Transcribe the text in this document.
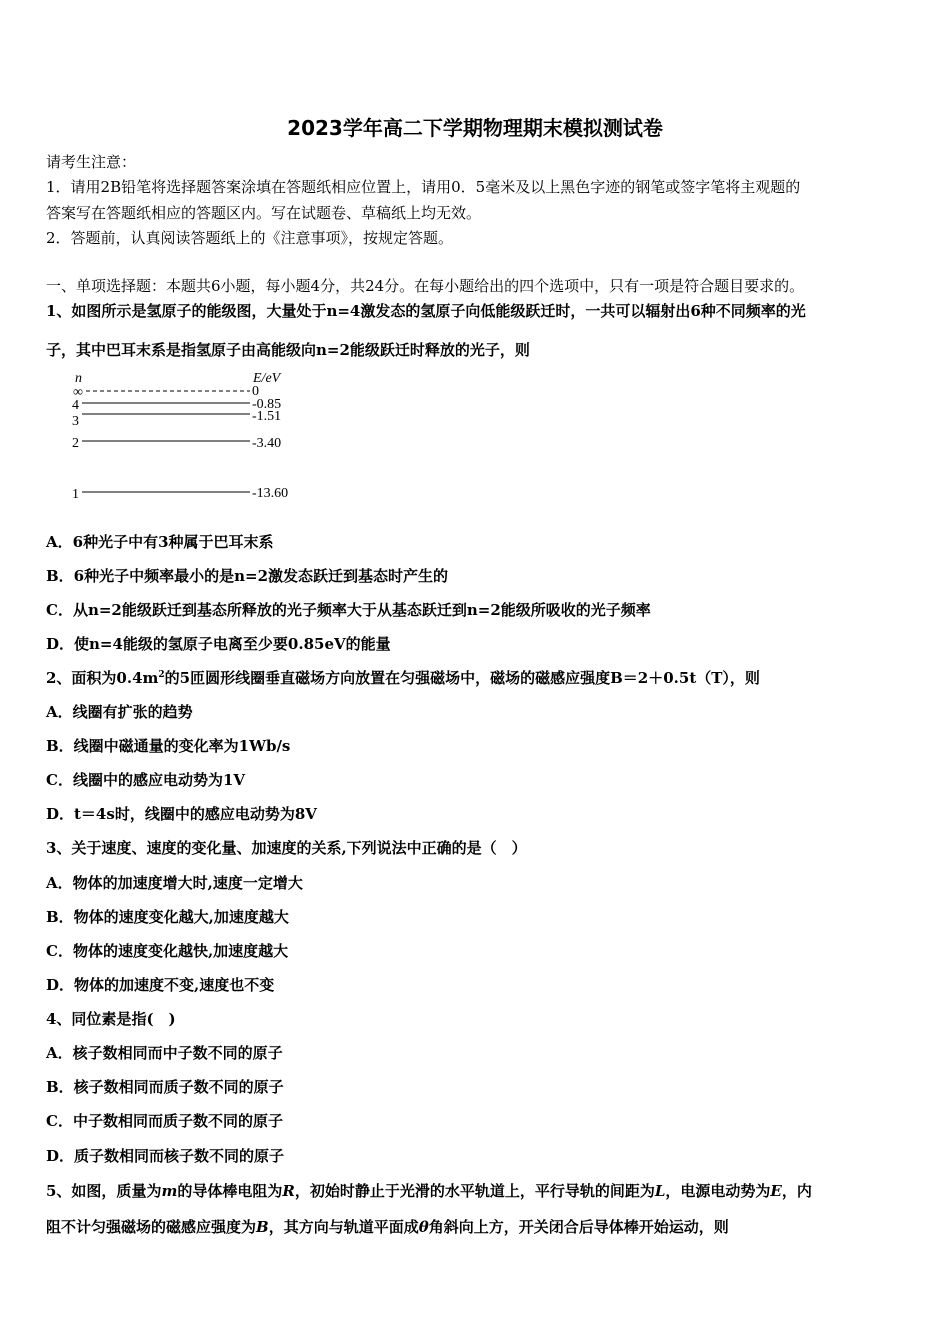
2023学年高二下学期物理期末模拟测试卷
请考生注意：
1．请用2B铅笔将选择题答案涂填在答题纸相应位置上，请用0．5毫米及以上黑色字迹的钢笔或签字笔将主观题的
答案写在答题纸相应的答题区内。写在试题卷、草稿纸上均无效。
2．答题前，认真阅读答题纸上的《注意事项》，按规定答题。
一、单项选择题：本题共6小题，每小题4分，共24分。在每小题给出的四个选项中，只有一项是符合题目要求的。
1、如图所示是氢原子的能级图，大量处于n=4激发态的氢原子向低能级跃迁时，一共可以辐射出6种不同频率的光
子，其中巴耳末系是指氢原子由高能级向n=2能级跃迁时释放的光子，则
n	E/eV
∞	0
4	-0.85
3	-1.51
2	-3.40
1	-13.60
A．6种光子中有3种属于巴耳末系
B．6种光子中频率最小的是n=2激发态跃迁到基态时产生的
C．从n=2能级跃迁到基态所释放的光子频率大于从基态跃迁到n=2能级所吸收的光子频率
D．使n=4能级的氢原子电离至少要0.85eV的能量
2、面积为$0.4m^2$的5匝圆形线圈垂直磁场方向放置在匀强磁场中，磁场的磁感应强度B＝2＋0.5t（T），则
A．线圈有扩张的趋势
B．线圈中磁通量的变化率为1Wb/s
C．线圈中的感应电动势为1V
D．t＝4s时，线圈中的感应电动势为8V
3、关于速度、速度的变化量、加速度的关系,下列说法中正确的是（　）
A．物体的加速度增大时,速度一定增大
B．物体的速度变化越大,加速度越大
C．物体的速度变化越快,加速度越大
D．物体的加速度不变,速度也不变
4、同位素是指(　)
A．核子数相同而中子数不同的原子
B．核子数相同而质子数不同的原子
C．中子数相同而质子数不同的原子
D．质子数相同而核子数不同的原子
5、如图，质量为m的导体棒电阻为R，初始时静止于光滑的水平轨道上，平行导轨的间距为L，电源电动势为E，内
阻不计匀强磁场的磁感应强度为B，其方向与轨道平面成θ角斜向上方，开关闭合后导体棒开始运动，则
